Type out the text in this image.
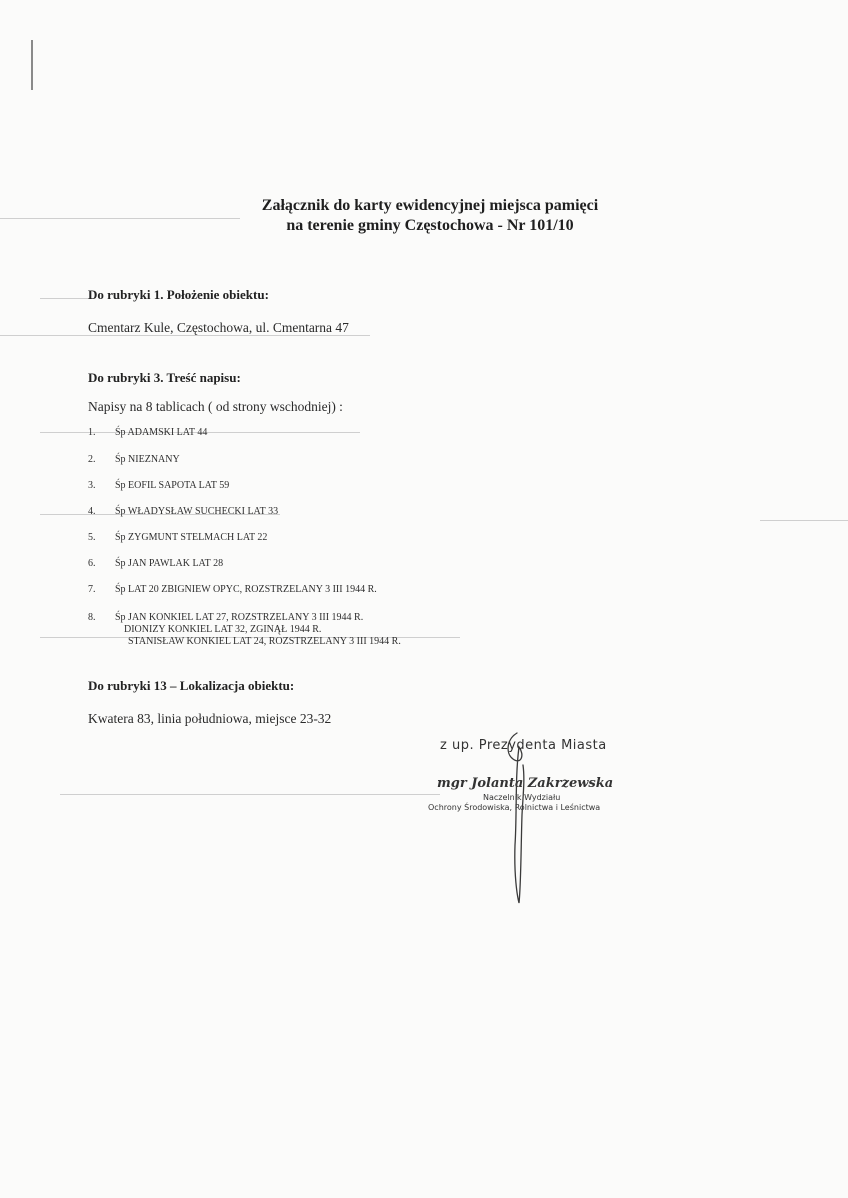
Załącznik do karty ewidencyjnej miejsca pamięci
na terenie gminy Częstochowa - Nr 101/10
Do rubryki 1. Położenie obiektu:
Cmentarz Kule, Częstochowa, ul. Cmentarna 47
Do rubryki 3. Treść napisu:
Napisy na 8 tablicach ( od strony wschodniej) :
1. Śp ADAMSKI LAT 44
2. Śp NIEZNANY
3. Śp EOFIL SAPOTA LAT 59
4. Śp WŁADYSŁAW SUCHECKI LAT 33
5. Śp ZYGMUNT STELMACH LAT 22
6. Śp JAN PAWLAK LAT 28
7. Śp LAT 20 ZBIGNIEW OPYC, ROZSTRZELANY 3 III 1944 R.
8. Śp JAN KONKIEL LAT 27, ROZSTRZELANY 3 III 1944 R.
DIONIZY KONKIEL LAT 32, ZGINĄŁ 1944 R.
STANISŁAW KONKIEL LAT 24, ROZSTRZELANY 3 III 1944 R.
Do rubryki 13 – Lokalizacja obiektu:
Kwatera 83, linia południowa, miejsce 23-32
z up. Prezydenta Miasta
mgr Jolanta Zakrzewska
Naczelnik Wydziału
Ochrony Środowiska, Rolnictwa i Leśnictwa
